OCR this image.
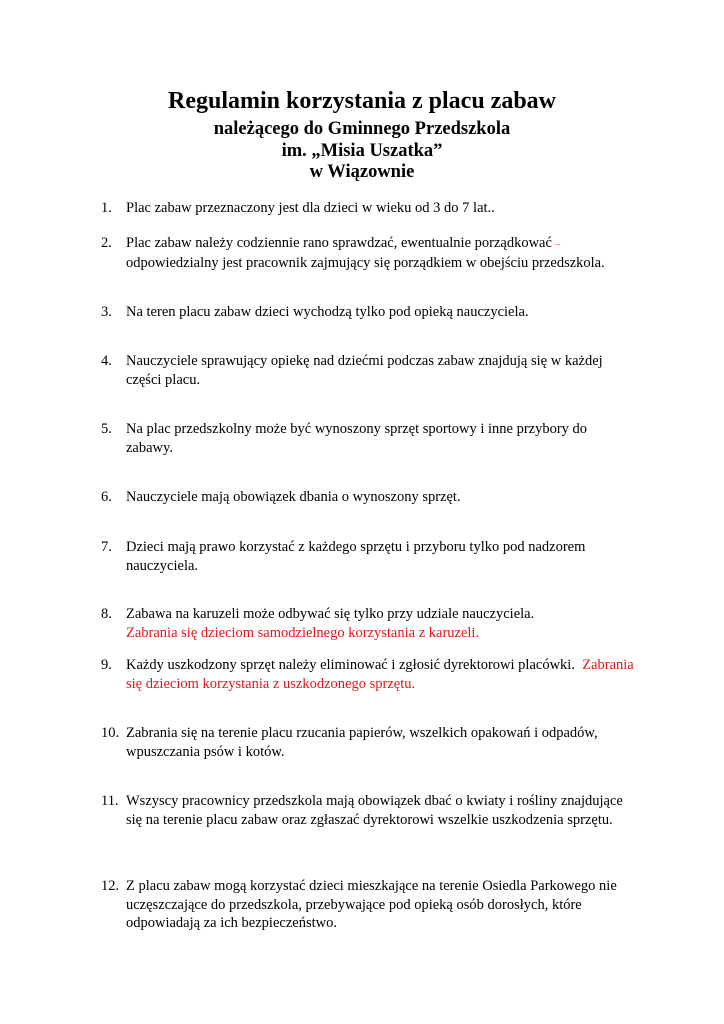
Regulamin korzystania z placu zabaw
należącego do Gminnego Przedszkola
im. „Misia Uszatka”
w Wiązownie
1. Plac zabaw przeznaczony jest dla dzieci w wieku od 3 do 7 lat..
2. Plac zabaw należy codziennie rano sprawdzać, ewentualnie porządkować –
odpowiedzialny jest pracownik zajmujący się porządkiem w obejściu przedszkola.
3. Na teren placu zabaw dzieci wychodzą tylko pod opieką nauczyciela.
4. Nauczyciele sprawujący opiekę nad dziećmi podczas zabaw znajdują się w każdej
części placu.
5. Na plac przedszkolny może być wynoszony sprzęt sportowy i inne przybory do
zabawy.
6. Nauczyciele mają obowiązek dbania o wynoszony sprzęt.
7. Dzieci mają prawo korzystać z każdego sprzętu i przyboru tylko pod nadzorem
nauczyciela.
8. Zabawa na karuzeli może odbywać się tylko przy udziale nauczyciela.
Zabrania się dzieciom samodzielnego korzystania z karuzeli.
9. Każdy uszkodzony sprzęt należy eliminować i zgłosić dyrektorowi placówki. Zabrania
się dzieciom korzystania z uszkodzonego sprzętu.
10. Zabrania się na terenie placu rzucania papierów, wszelkich opakowań i odpadów,
wpuszczania psów i kotów.
11. Wszyscy pracownicy przedszkola mają obowiązek dbać o kwiaty i rośliny znajdujące
się na terenie placu zabaw oraz zgłaszać dyrektorowi wszelkie uszkodzenia sprzętu.
12. Z placu zabaw mogą korzystać dzieci mieszkające na terenie Osiedla Parkowego nie
uczęszczające do przedszkola, przebywające pod opieką osób dorosłych, które
odpowiadają za ich bezpieczeństwo.
